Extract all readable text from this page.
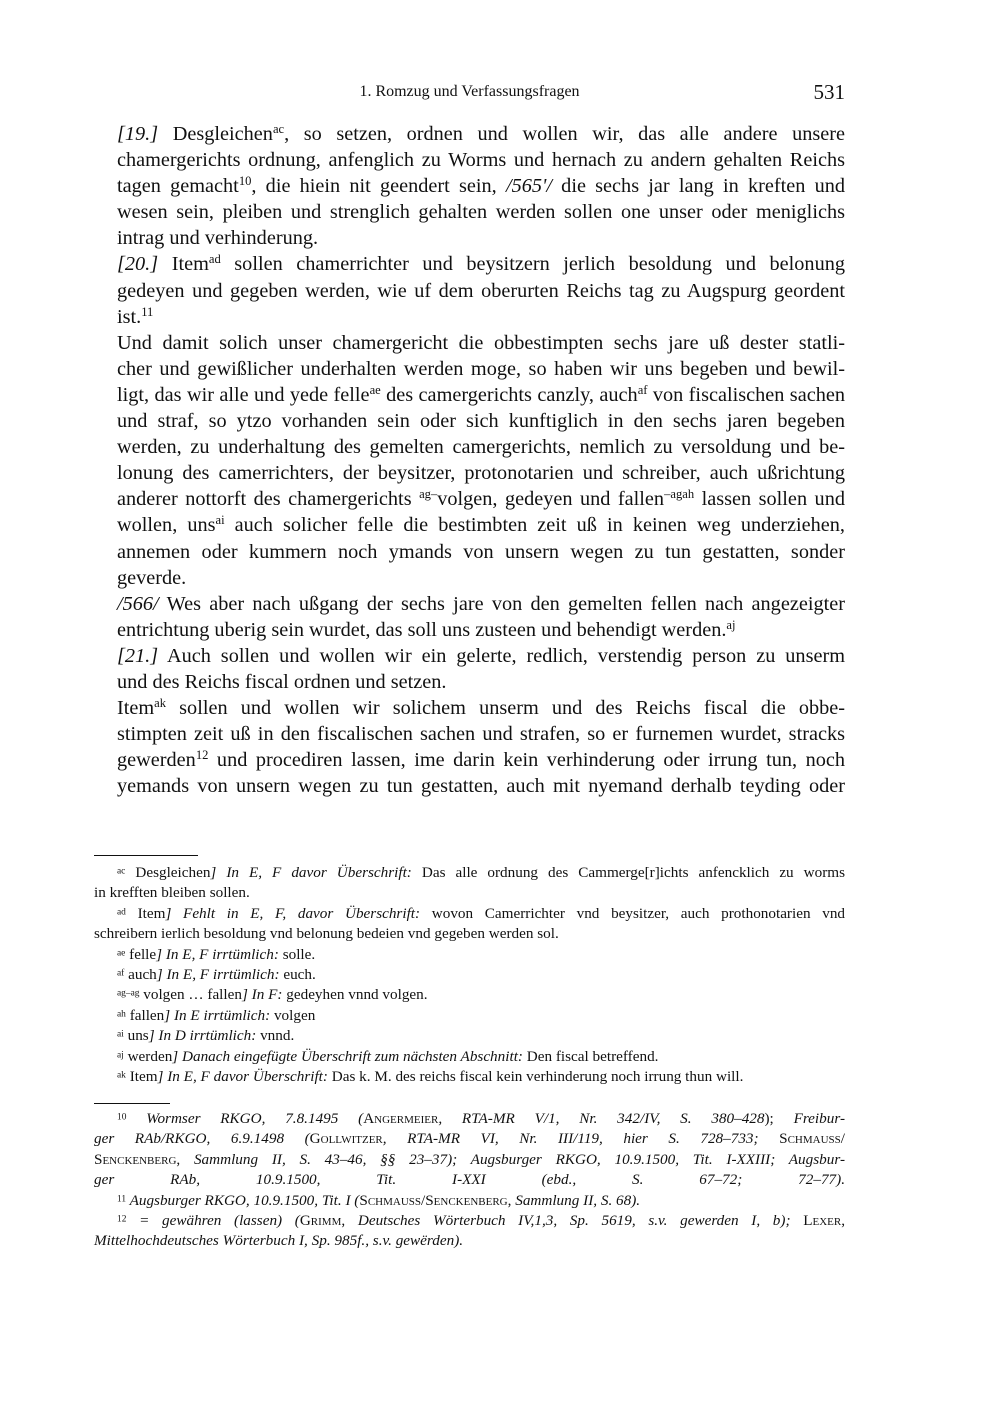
1. Romzug und Verfassungsfragen	531

[19.] Desgleichen$^{ac}$, so setzen, ordnen und wollen wir, das alle andere unsere
chamergerichts ordnung, anfenglich zu Worms und hernach zu andern gehalten Reichs
tagen gemacht$^{10}$, die hiein nit geendert sein, /565'/ die sechs jar lang in kreften und
wesen sein, pleiben und strenglich gehalten werden sollen one unser oder meniglichs
intrag und verhinderung.

[20.] Item$^{ad}$ sollen chamerrichter und beysitzern jerlich besoldung und belonung
gedeyen und gegeben werden, wie uf dem oberurten Reichs tag zu Augspurg geordent
ist.$^{11}$

Und damit solich unser chamergericht die obbestimpten sechs jare uß dester statli-
cher und gewißlicher underhalten werden moge, so haben wir uns begeben und bewil-
ligt, das wir alle und yede felle$^{ae}$ des camergerichts canzly, auch$^{af}$ von fiscalischen sachen
und straf, so ytzo vorhanden sein oder sich kunftiglich in den sechs jaren begeben
werden, zu underhaltung des gemelten camergerichts, nemlich zu versoldung und be-
lonung des camerrichters, der beysitzer, protonotarien und schreiber, auch ußrichtung
anderer nottorft des chamergerichts $^{ag-}$volgen, gedeyen und fallen$^{-agah}$ lassen sollen und
wollen, uns$^{ai}$ auch solicher felle die bestimbten zeit uß in keinen weg underziehen,
annemen oder kummern noch ymands von unsern wegen zu tun gestatten, sonder
geverde.

/566/ Wes aber nach ußgang der sechs jare von den gemelten fellen nach angezeigter
entrichtung uberig sein wurdet, das soll uns zusteen und behendigt werden.$^{aj}$

[21.] Auch sollen und wollen wir ein gelerte, redlich, verstendig person zu unserm
und des Reichs fiscal ordnen und setzen.

Item$^{ak}$ sollen und wollen wir solichem unserm und des Reichs fiscal die obbe-
stimpten zeit uß in den fiscalischen sachen und strafen, so er furnemen wurdet, stracks
gewerden$^{12}$ und procediren lassen, ime darin kein verhinderung oder irrung tun, noch
yemands von unsern wegen zu tun gestatten, auch mit nyemand derhalb teyding oder

$^{ac}$ Desgleichen] In E, F davor Überschrift: Das alle ordnung des Cammerge[r]ichts anfencklich zu worms

in krefften bleiben sollen.

$^{ad}$ Item] Fehlt in E, F, davor Überschrift: wovon Camerrichter vnd beysitzer, auch prothonotarien vnd

schreibern ierlich besoldung vnd belonung bedeien vnd gegeben werden sol.

$^{ae}$ felle] In E, F irrtümlich: solle.

$^{af}$ auch] In E, F irrtümlich: euch.

$^{ag-ag}$ volgen … fallen] In F: gedeyhen vnnd volgen.

$^{ah}$ fallen] In E irrtümlich: volgen

$^{ai}$ uns] In D irrtümlich: vnnd.

$^{aj}$ werden] Danach eingefügte Überschrift zum nächsten Abschnitt: Den fiscal betreffend.

$^{ak}$ Item] In E, F davor Überschrift: Das k. M. des reichs fiscal kein verhinderung noch irrung thun will.

$^{10}$ Wormser RKGO, 7.8.1495 (Angermeier, RTA-MR V/1, Nr. 342/IV, S. 380–428); Freibur-

ger RAb/RKGO, 6.9.1498 (Gollwitzer, RTA-MR VI, Nr. III/119, hier S. 728–733; Schmauss/
Senckenberg, Sammlung II, S. 43–46, §§ 23–37); Augsburger RKGO, 10.9.1500, Tit. I-XXIII; Augsbur-
ger RAb, 10.9.1500, Tit. I-XXI (ebd., S. 67–72; 72–77).

$^{11}$ Augsburger RKGO, 10.9.1500, Tit. I (Schmauss/Senckenberg, Sammlung II, S. 68).

$^{12}$ = gewähren (lassen) (Grimm, Deutsches Wörterbuch IV,1,3, Sp. 5619, s.v. gewerden I, b); Lexer,

Mittelhochdeutsches Wörterbuch I, Sp. 985f., s.v. gewërden).
